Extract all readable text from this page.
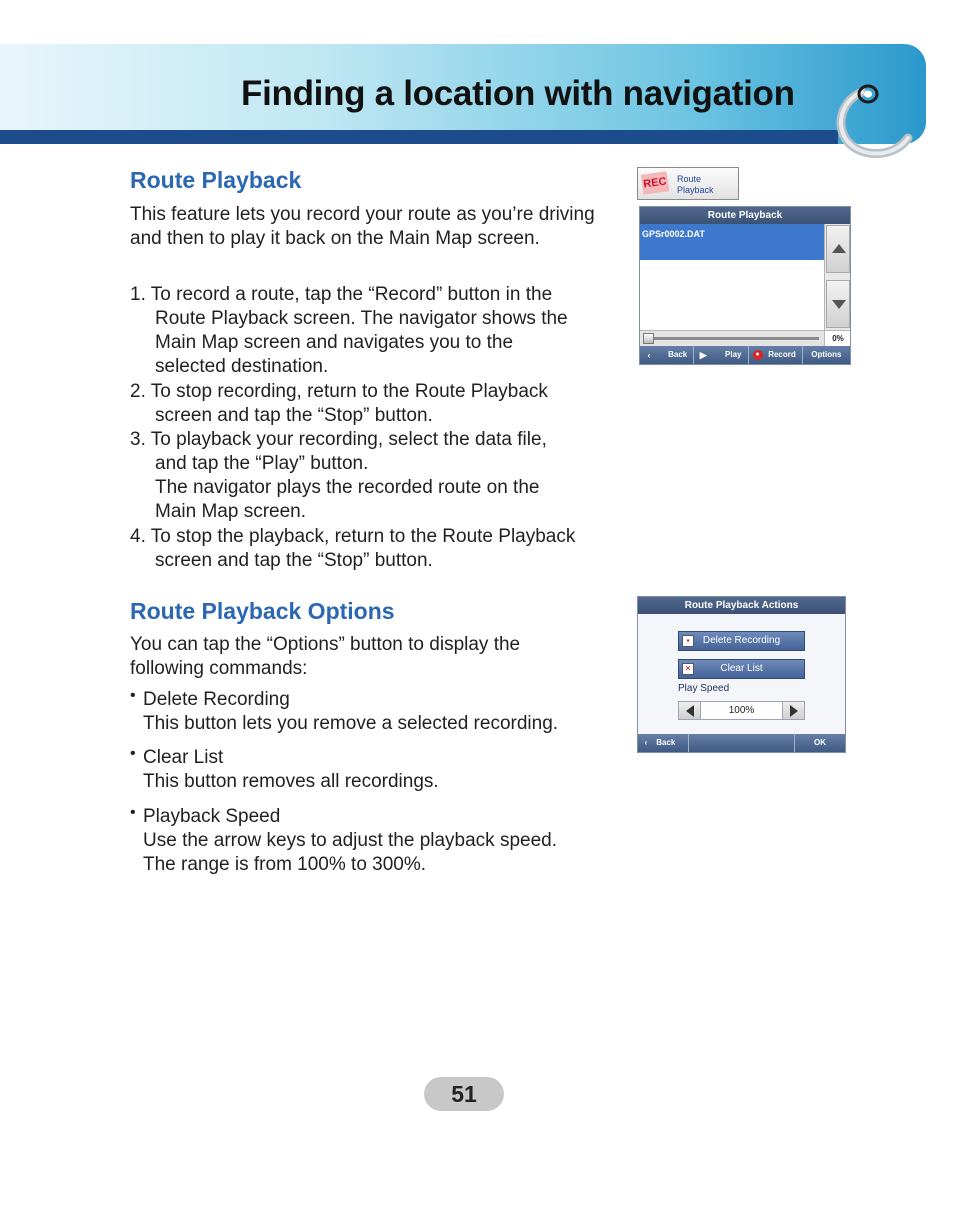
Finding a location with navigation
Route Playback

This feature lets you record your route as you’re driving and then to play it back on the Main Map screen.

1. To record a route, tap the “Record” button in the
Route Playback screen. The navigator shows the
Main Map screen and navigates you to the
selected destination.

2. To stop recording, return to the Route Playback
screen and tap the “Stop” button.

3. To playback your recording, select the data file,
and tap the “Play” button.
The navigator plays the recorded route on the
Main Map screen.

4. To stop the playback, return to the Route Playback
screen and tap the “Stop” button.

Route Playback Options

You can tap the “Options” button to display the following commands:

• Delete Recording
This button lets you remove a selected recording.
• Clear List
This button removes all recordings.
• Playback Speed
Use the arrow keys to adjust the playback speed.
The range is from 100% to 300%.
REC Route
Playback
Route Playback
GPSr0002.DAT
0%
‹	Back	▶ Play	●	Record	Options
Route Playback Actions
▪	Delete Recording
✕	Clear List
Play Speed
100%
‹ Back	OK
51
